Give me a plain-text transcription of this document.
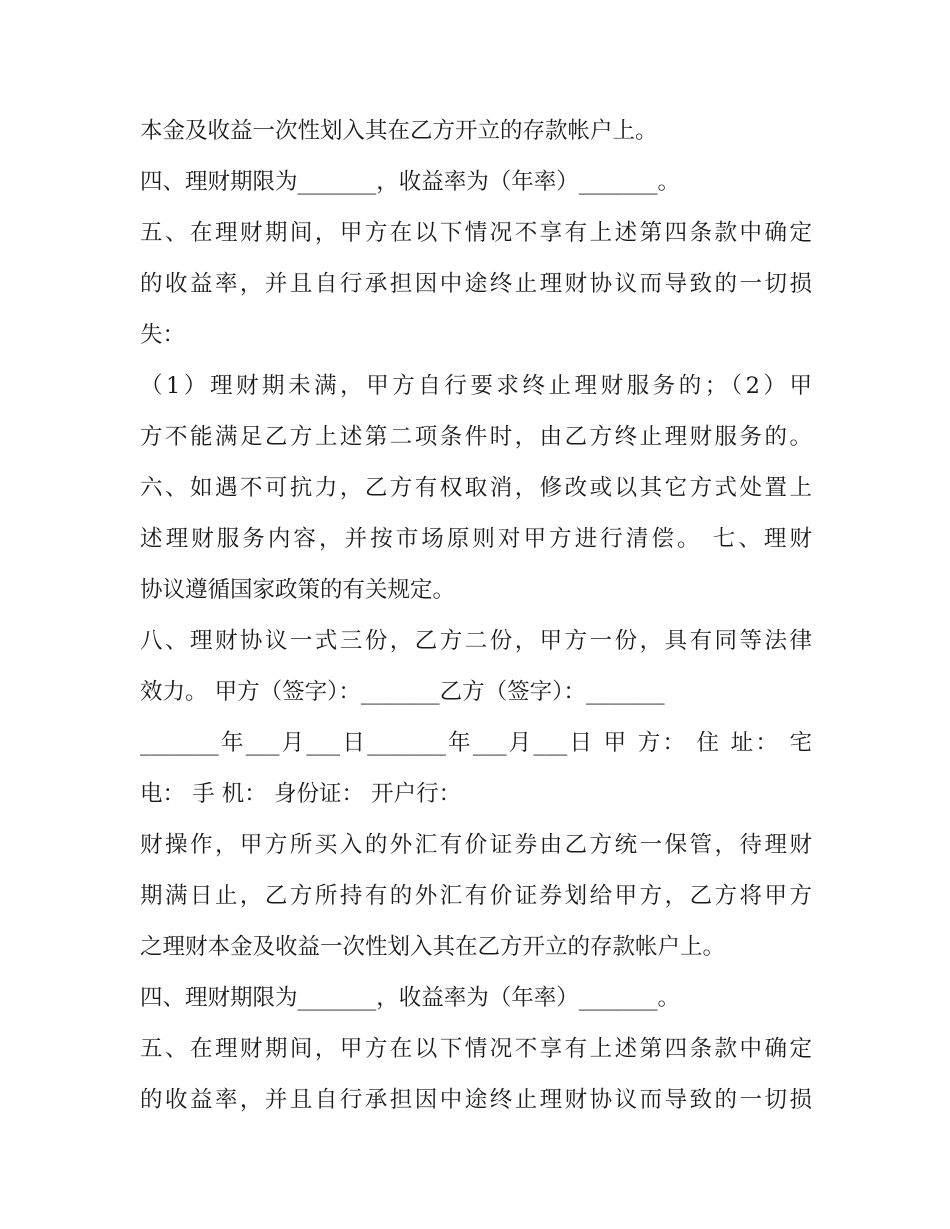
本金及收益一次性划入其在乙方开立的存款帐户上。
四、理财期限为_______，收益率为（年率）_______。
五、在理财期间，甲方在以下情况不享有上述第四条款中确定
的收益率，并且自行承担因中途终止理财协议而导致的一切损
失：
（1）理财期未满，甲方自行要求终止理财服务的；（2）甲
方不能满足乙方上述第二项条件时，由乙方终止理财服务的。
六、如遇不可抗力，乙方有权取消，修改或以其它方式处置上
述理财服务内容，并按市场原则对甲方进行清偿。 七、理财
协议遵循国家政策的有关规定。
八、理财协议一式三份，乙方二份，甲方一份，具有同等法律
效力。 甲方（签字）：_______乙方（签字）：_______
_______年___月___日_______年___月___日 甲 方： 住 址： 宅
电： 手 机： 身份证： 开户行：
财操作，甲方所买入的外汇有价证券由乙方统一保管，待理财
期满日止，乙方所持有的外汇有价证券划给甲方，乙方将甲方
之理财本金及收益一次性划入其在乙方开立的存款帐户上。
四、理财期限为_______，收益率为（年率）_______。
五、在理财期间，甲方在以下情况不享有上述第四条款中确定
的收益率，并且自行承担因中途终止理财协议而导致的一切损
